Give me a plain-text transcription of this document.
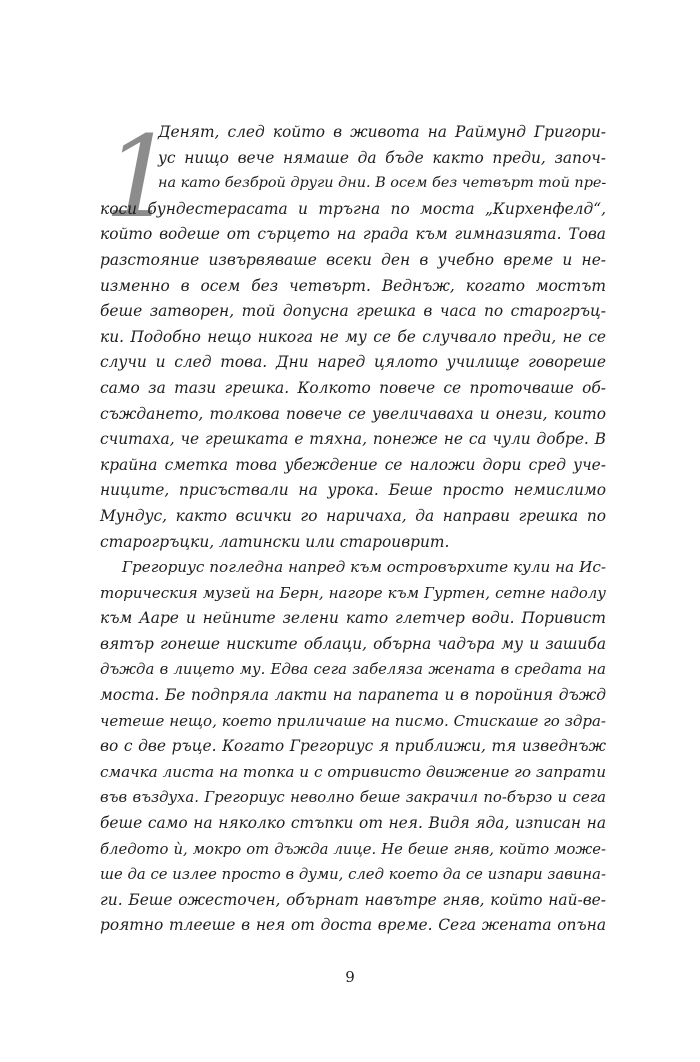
1
Денят, след който в живота на Раймунд Григори-
ус нищо вече нямаше да бъде както преди, започ-
на като безброй други дни. В осем без четвърт той пре-
коси бундестерасата и тръгна по моста „Кирхенфелд“,
който водеше от сърцето на града към гимназията. Това
разстояние извървяваше всеки ден в учебно време и не-
изменно в осем без четвърт. Веднъж, когато мостът
беше затворен, той допусна грешка в часа по старогръц-
ки. Подобно нещо никога не му се бе случвало преди, не се
случи и след това. Дни наред цялото училище говореше
само за тази грешка. Колкото повече се проточваше об-
съждането, толкова повече се увеличаваха и онези, които
считаха, че грешката е тяхна, понеже не са чули добре. В
крайна сметка това убеждение се наложи дори сред уче-
ниците, присъствали на урока. Беше просто немислимо
Мундус, както всички го наричаха, да направи грешка по
старогръцки, латински или староиврит.
Грегориус погледна напред към островърхите кули на Ис-
торическия музей на Берн, нагоре към Гуртен, сетне надолу
към Ааре и нейните зелени като глетчер води. Поривист
вятър гонеше ниските облаци, обърна чадъра му и зашиба
дъжда в лицето му. Едва сега забеляза жената в средата на
моста. Бе подпряла лакти на парапета и в поройния дъжд
четеше нещо, което приличаше на писмо. Стискаше го здра-
во с две ръце. Когато Грегориус я приближи, тя изведнъж
смачка листа на топка и с отривисто движение го запрати
във въздуха. Грегориус неволно беше закрачил по-бързо и сега
беше само на няколко стъпки от нея. Видя яда, изписан на
бледото ѝ, мокро от дъжда лице. Не беше гняв, който може-
ше да се излее просто в думи, след което да се изпари завина-
ги. Беше ожесточен, обърнат навътре гняв, който най-ве-
роятно тлееше в нея от доста време. Сега жената опъна
9
